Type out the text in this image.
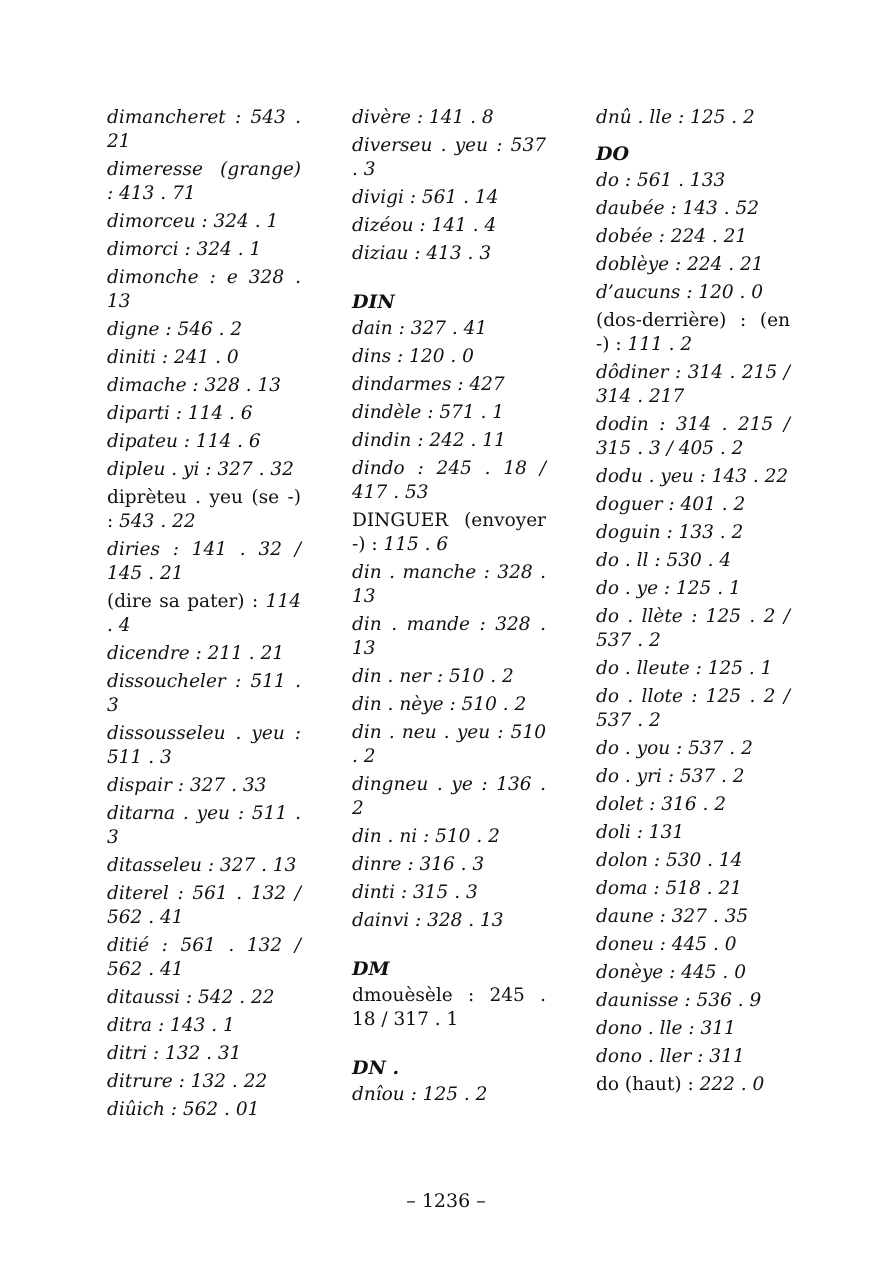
dimancheret : 543 . 21
dimeresse (grange) : 413 . 71
dimorceu : 324 . 1
dimorci : 324 . 1
dimonche : e 328 . 13
digne : 546 . 2
diniti : 241 . 0
dimache : 328 . 13
diparti : 114 . 6
dipateu : 114 . 6
dipleu . yi : 327 . 32
diprèteu . yeu (se -) : 543 . 22
diries : 141 . 32 / 145 . 21
(dire sa pater) : 114 . 4
dicendre : 211 . 21
dissoucheler : 511 . 3
dissousseleu . yeu : 511 . 3
dispair : 327 . 33
ditarna . yeu : 511 . 3
ditasseleu : 327 . 13
diterel : 561 . 132 / 562 . 41
ditié : 561 . 132 / 562 . 41
ditaussi : 542 . 22
ditra : 143 . 1
ditri : 132 . 31
ditrure : 132 . 22
diûich : 562 . 01
divère : 141 . 8
diverseu . yeu : 537 . 3
divigi : 561 . 14
dizéou : 141 . 4
diziau : 413 . 3
DIN
dain : 327 . 41
dins : 120 . 0
dindarmes : 427
dindèle : 571 . 1
dindin : 242 . 11
dindo : 245 . 18 / 417 . 53
DINGUER (envoyer -) : 115 . 6
din . manche : 328 . 13
din . mande : 328 . 13
din . ner : 510 . 2
din . nèye : 510 . 2
din . neu . yeu : 510 . 2
dingneu . ye : 136 . 2
din . ni : 510 . 2
dinre : 316 . 3
dinti : 315 . 3
dainvi : 328 . 13
DM
dmouèsèle : 245 . 18 / 317 . 1
DN .
dnîou : 125 . 2
dnû . lle : 125 . 2
DO
do : 561 . 133
daubée : 143 . 52
dobée : 224 . 21
doblèye : 224 . 21
d’aucuns : 120 . 0
(dos-derrière) : (en -) : 111 . 2
dôdiner : 314 . 215 / 314 . 217
dodin : 314 . 215 / 315 . 3 / 405 . 2
dodu . yeu : 143 . 22
doguer : 401 . 2
doguin : 133 . 2
do . ll : 530 . 4
do . ye : 125 . 1
do . llète : 125 . 2 / 537 . 2
do . lleute : 125 . 1
do . llote : 125 . 2 / 537 . 2
do . you : 537 . 2
do . yri : 537 . 2
dolet : 316 . 2
doli : 131
dolon : 530 . 14
doma : 518 . 21
daune : 327 . 35
doneu : 445 . 0
donèye : 445 . 0
daunisse : 536 . 9
dono . lle : 311
dono . ller : 311
do (haut) : 222 . 0
– 1236 –
